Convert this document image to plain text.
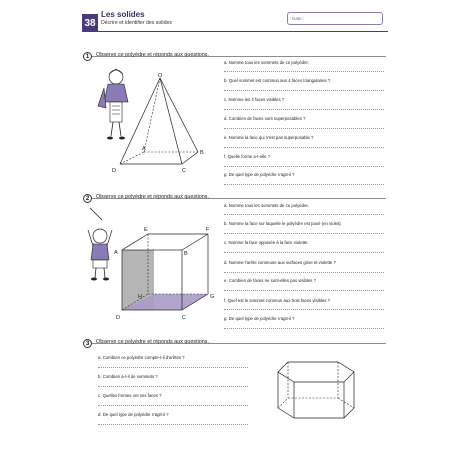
38
Les solides
Décrire et identifier des solides
Date :
1	Observe ce polyèdre et réponds aux questions.
O
A
B
C
D
a. Nomme tous les sommets de ce polyèdre.
b. Quel sommet est commun aux 4 faces triangulaires ?
c. Nomme les 2 faces visibles ?
d. Combien de faces sont superposables ?
e. Nomme la face qui n'est pas superposable ?
f. Quelle forme a-t-elle ?
g. De quel type de polyèdre s'agit-il ?
2	Observe ce polyèdre et réponds aux questions.
A	B
C
D
E	F
G
H
a. Nomme tous les sommets de ce polyèdre.
b. Nomme la face sur laquelle le polyèdre est posé (en violet).
c. Nomme la face opposée à la face violette.
d. Nomme l'arête commune aux surfaces grise et violette ?
e. Combien de faces ne sont-elles pas visibles ?
f. Quel est le sommet commun aux trois faces visibles ?
g. De quel type de polyèdre s'agit-il ?
3	Observe ce polyèdre et réponds aux questions.
a. Combien ce polyèdre compte-t-il d'arêtes ?
b. Combien a-t-il de sommets ?
c. Quelles formes ont ses faces ?
d. De quel type de polyèdre s'agit-il ?
